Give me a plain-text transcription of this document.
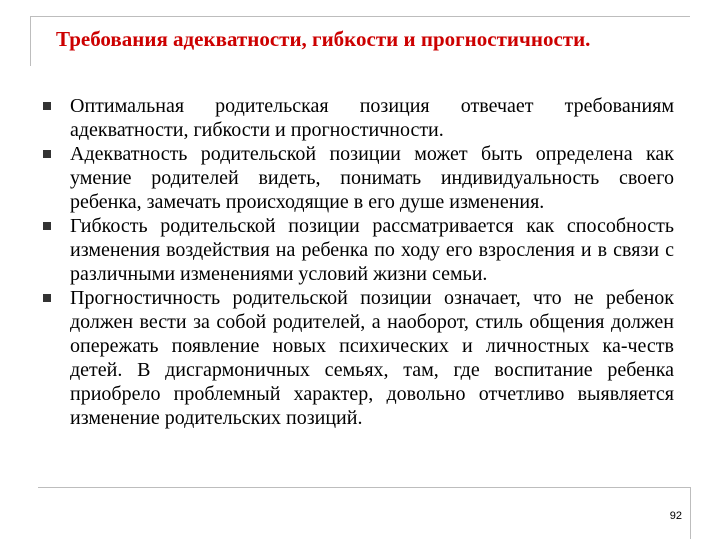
Требования адекватности, гибкости и прогностичности.
Оптимальная родительская позиция отвечает требованиям адекватности, гибкости и прогностичности.
Адекватность родительской позиции может быть определена как умение родителей видеть, понимать индивидуальность своего ребенка, замечать происходящие в его душе изменения.
Гибкость родительской позиции рассматривается как способность изменения воздействия на ребенка по ходу его взросления и в связи с различными изменениями условий жизни семьи.
Прогностичность родительской позиции означает, что не ребенок должен вести за собой родителей, а наоборот, стиль общения должен опережать появление новых психических и личностных ка-честв детей. В дисгармоничных семьях, там, где воспитание ребенка приобрело проблемный характер, довольно отчетливо выявляется изменение родительских позиций.
92
